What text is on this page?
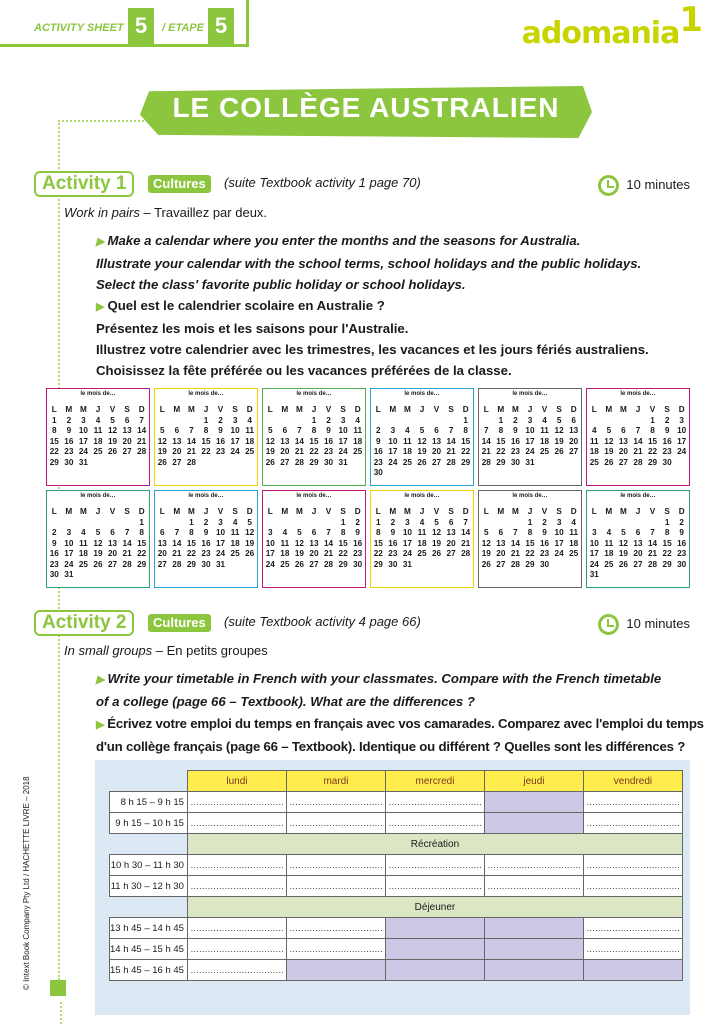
ACTIVITY SHEET 5	/ ETAPE 5	adomania1
LE COLLÈGE AUSTRALIEN
Activity 1	Cultures	(suite Textbook activity 1 page 70)	10 minutes
Work in pairs – Travaillez par deux.
▶ Make a calendar where you enter the months and the seasons for Australia.
Illustrate your calendar with the school terms, school holidays and the public holidays.
Select the class' favorite public holiday or school holidays.
▶ Quel est le calendrier scolaire en Australie ?
Présentez les mois et les saisons pour l'Australie.
Illustrez votre calendrier avec les trimestres, les vacances et les jours fériés australiens.
Choisissez la fête préférée ou les vacances préférées de la classe.
le mois de…
L	M	M	J	V	S	D

1	2	3	4	5	6	7
8	9	10	11	12	13	14
15	16	17	18	19	20	21
22	23	24	25	26	27	28
29	30	31				
le mois de…
L	M	M	J	V	S	D

			1	2	3	4
5	6	7	8	9	10	11
12	13	14	15	16	17	18
19	20	21	22	23	24	25
26	27	28				
le mois de…
L	M	M	J	V	S	D

			1	2	3	4
5	6	7	8	9	10	11
12	13	14	15	16	17	18
19	20	21	22	23	24	25
26	27	28	29	30	31	
le mois de…
L	M	M	J	V	S	D
						1
2	3	4	5	6	7	8
9	10	11	12	13	14	15
16	17	18	19	20	21	22
23	24	25	26	27	28	29
30						
le mois de…
L	M	M	J	V	S	D

	1	2	3	4	5	6
7	8	9	10	11	12	13
14	15	16	17	18	19	20
21	22	23	24	25	26	27
28	29	30	31			
le mois de…
L	M	M	J	V	S	D

				1	2	3
4	5	6	7	8	9	10
11	12	13	14	15	16	17
18	19	20	21	22	23	24
25	26	27	28	29	30	
le mois de…
L	M	M	J	V	S	D
						1
2	3	4	5	6	7	8
9	10	11	12	13	14	15
16	17	18	19	20	21	22
23	24	25	26	27	28	29
30	31					
le mois de…
L	M	M	J	V	S	D
		1	2	3	4	5
6	7	8	9	10	11	12
13	14	15	16	17	18	19
20	21	22	23	24	25	26
27	28	29	30	31		

le mois de…
L	M	M	J	V	S	D
					1	2
3	4	5	6	7	8	9
10	11	12	13	14	15	16
17	18	19	20	21	22	23
24	25	26	27	28	29	30

le mois de…
L	M	M	J	V	S	D
1	2	3	4	5	6	7
8	9	10	11	12	13	14
15	16	17	18	19	20	21
22	23	24	25	26	27	28
29	30	31				

le mois de…
L	M	M	J	V	S	D
			1	2	3	4
5	6	7	8	9	10	11
12	13	14	15	16	17	18
19	20	21	22	23	24	25
26	27	28	29	30		

le mois de…
L	M	M	J	V	S	D
					1	2
3	4	5	6	7	8	9
10	11	12	13	14	15	16
17	18	19	20	21	22	23
24	25	26	27	28	29	30
31						
Activity 2	Cultures	(suite Textbook activity 4 page 66)	10 minutes
In small groups – En petits groupes
▶ Write your timetable in French with your classmates. Compare with the French timetable
of a college (page 66 – Textbook). What are the differences ?
▶ Écrivez votre emploi du temps en français avec vos camarades. Comparez avec l'emploi du temps
d'un collège français (page 66 – Textbook). Identique ou différent ? Quelles sont les différences ?
	lundi	mardi	mercredi	jeudi	vendredi
8 h 15 – 9 h 15	……………………………	……………………………	……………………………		……………………………
9 h 15 – 10 h 15	……………………………	……………………………	……………………………		……………………………
	Récréation				
10 h 30 – 11 h 30	……………………………	……………………………	……………………………	……………………………	……………………………
11 h 30 – 12 h 30	……………………………	……………………………	……………………………	……………………………	……………………………
	Déjeuner				
13 h 45 – 14 h 45	……………………………	……………………………			……………………………
14 h 45 – 15 h 45	……………………………	……………………………			……………………………
15 h 45 – 16 h 45	……………………………				
© Intext Book Company Pty Ltd / HACHETTE LIVRE – 2018
